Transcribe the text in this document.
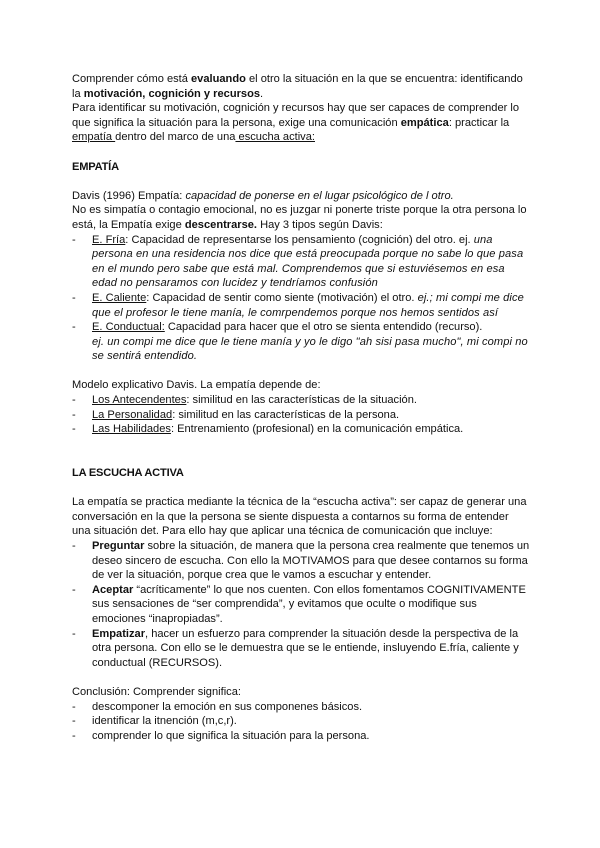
Comprender cómo está evaluando el otro la situación en la que se encuentra: identificando la motivación, cognición y recursos.

Para identificar su motivación, cognición y recursos hay que ser capaces de comprender lo que significa la situación para la persona, exige una comunicación empática: practicar la empatía dentro del marco de una escucha activa:

EMPATÍA

Davis (1996) Empatía: capacidad de ponerse en el lugar psicológico de l otro.

No es simpatía o contagio emocional, no es juzgar ni ponerte triste porque la otra persona lo está, la Empatía exige descentrarse. Hay 3 tipos según Davis:

- E. Fría: Capacidad de representarse los pensamiento (cognición) del otro. ej. una persona en una residencia nos dice que está preocupada porque no sabe lo que pasa en el mundo pero sabe que está mal. Comprendemos que si estuviésemos en esa edad no pensaramos con lucidez y tendríamos confusión
- E. Caliente: Capacidad de sentir como siente (motivación) el otro. ej.; mi compi me dice que el profesor le tiene manía, le comrpendemos porque nos hemos sentidos así
- E. Conductual: Capacidad para hacer que el otro se sienta entendido (recurso).
ej. un compi me dice que le tiene manía y yo le digo "ah sisi pasa mucho", mi compi no se sentirá entendido.

Modelo explicativo Davis. La empatía depende de:

- Los Antecendentes: similitud en las características de la situación.
- La Personalidad: similitud en las características de la persona.
- Las Habilidades: Entrenamiento (profesional) en la comunicación empática.

LA ESCUCHA ACTIVA

La empatía se practica mediante la técnica de la “escucha activa”: ser capaz de generar una conversación en la que la persona se siente dispuesta a contarnos su forma de entender una situación det. Para ello hay que aplicar una técnica de comunicación que incluye:

- Preguntar sobre la situación, de manera que la persona crea realmente que tenemos un deseo sincero de escucha. Con ello la MOTIVAMOS para que desee contarnos su forma de ver la situación, porque crea que le vamos a escuchar y entender.
- Aceptar “acríticamente” lo que nos cuenten. Con ellos fomentamos COGNITIVAMENTE sus sensaciones de “ser comprendida”, y evitamos que oculte o modifique sus emociones “inapropiadas”.
- Empatizar, hacer un esfuerzo para comprender la situación desde la perspectiva de la otra persona. Con ello se le demuestra que se le entiende, insluyendo E.fría, caliente y conductual (RECURSOS).

Conclusión: Comprender significa:

- descomponer la emoción en sus componenes básicos.
- identificar la itnención (m,c,r).
- comprender lo que significa la situación para la persona.
